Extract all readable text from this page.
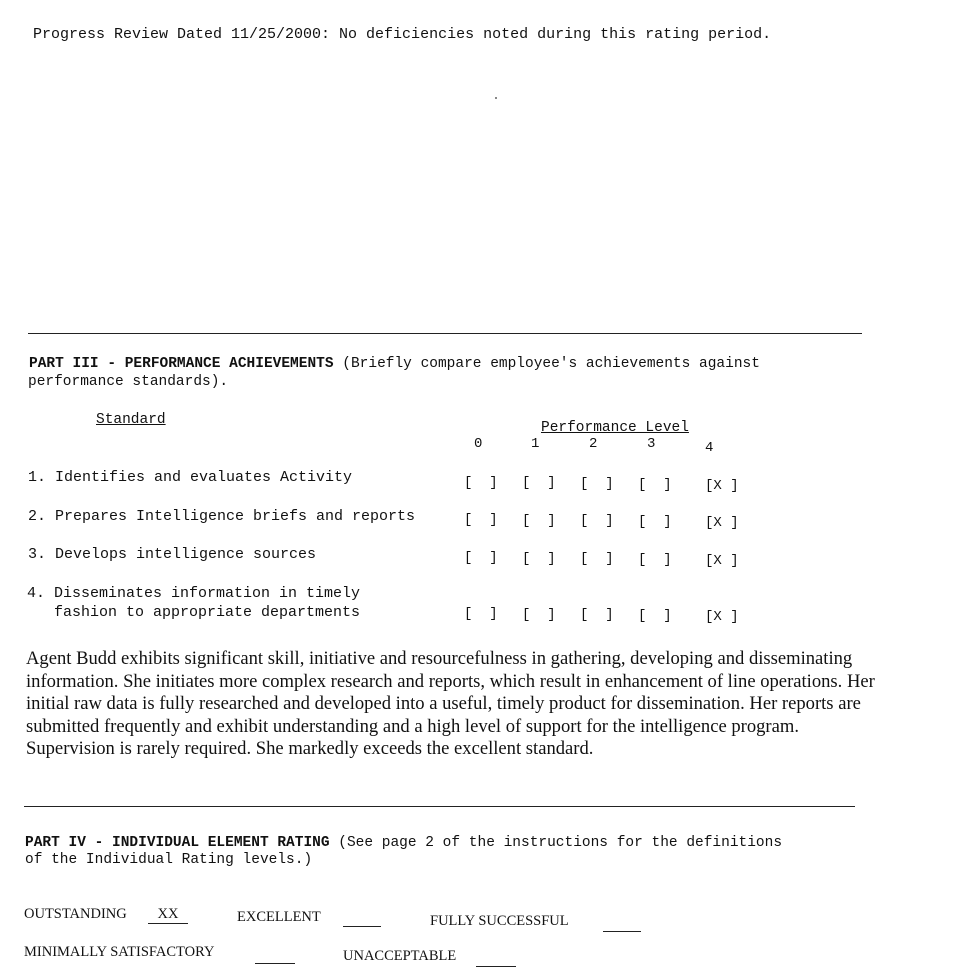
Progress Review Dated 11/25/2000: No deficiencies noted during this rating period.
PART III - PERFORMANCE ACHIEVEMENTS (Briefly compare employee's achievements against
performance standards).
Standard	Performance Level
0	1	2	3	4
1. Identifies and evaluates Activity	[  ] [  ] [  ] [  ] [X ]
2. Prepares Intelligence briefs and reports	[  ] [  ] [  ] [  ] [X ]
3. Develops intelligence sources	[  ] [  ] [  ] [  ] [X ]
4. Disseminates information in timely
fashion to appropriate departments	[  ] [  ] [  ] [  ] [X ]
Agent Budd exhibits significant skill, initiative and resourcefulness in gathering, developing and disseminating information. She initiates more complex research and reports, which result in enhancement of line operations. Her initial raw data is fully researched and developed into a useful, timely product for dissemination. Her reports are submitted frequently and exhibit understanding and a high level of support for the intelligence program. Supervision is rarely required. She markedly exceeds the excellent standard.
PART IV - INDIVIDUAL ELEMENT RATING (See page 2 of the instructions for the definitions
of the Individual Rating levels.)
OUTSTANDING	XX	EXCELLENT	FULLY SUCCESSFUL
MINIMALLY SATISFACTORY	UNACCEPTABLE
